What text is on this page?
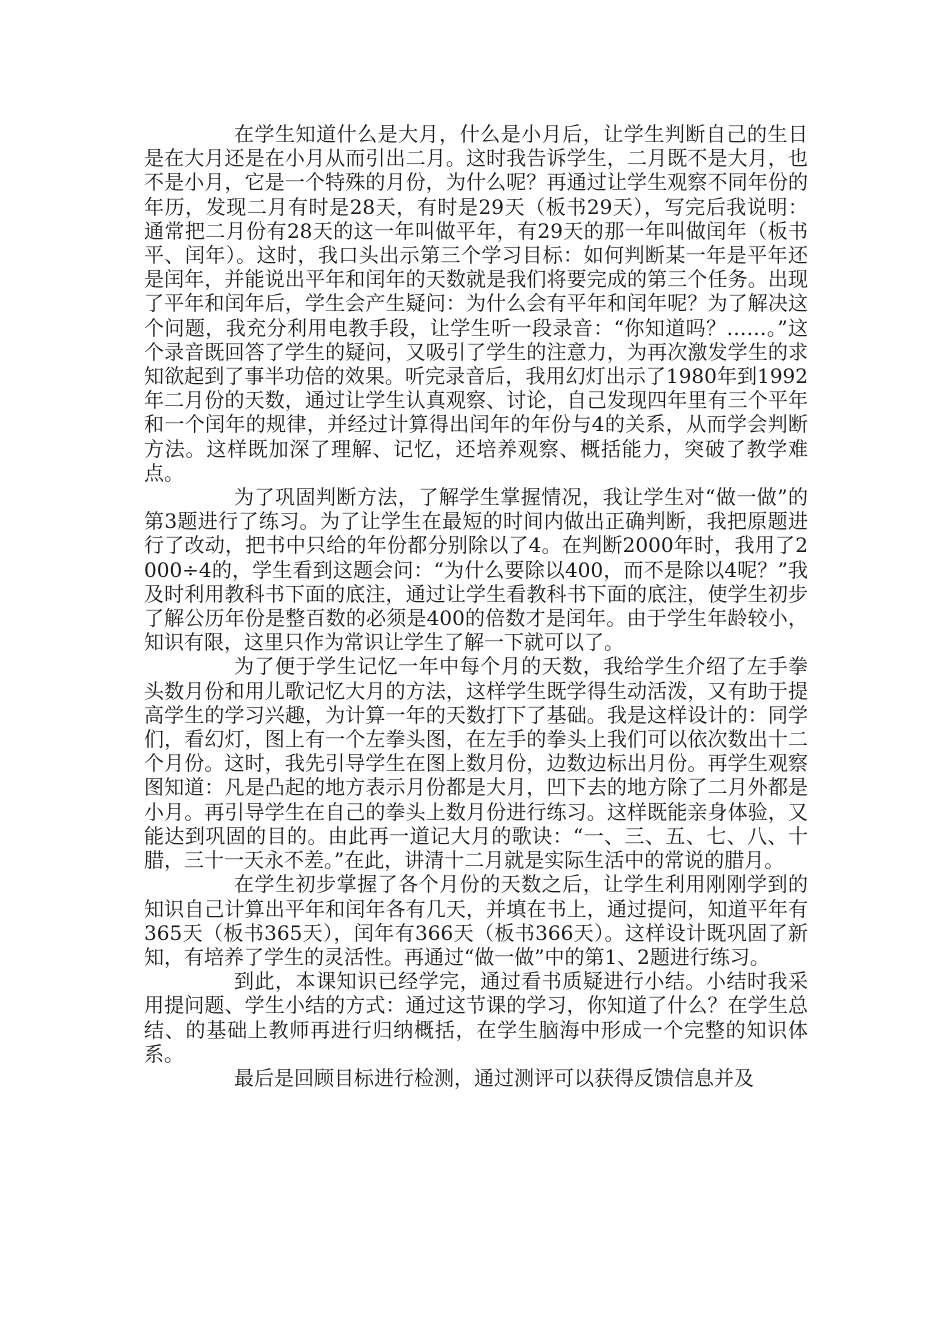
在学生知道什么是大月，什么是小月后，让学生判断自己的生日是在大月还是在小月从而引出二月。这时我告诉学生，二月既不是大月，也不是小月，它是一个特殊的月份，为什么呢？再通过让学生观察不同年份的年历，发现二月有时是28天，有时是29天（板书29天），写完后我说明：通常把二月份有28天的这一年叫做平年，有29天的那一年叫做闰年（板书平、闰年）。这时，我口头出示第三个学习目标：如何判断某一年是平年还是闰年，并能说出平年和闰年的天数就是我们将要完成的第三个任务。出现了平年和闰年后，学生会产生疑问：为什么会有平年和闰年呢？为了解决这个问题，我充分利用电教手段，让学生听一段录音：“你知道吗？……。”这个录音既回答了学生的疑问，又吸引了学生的注意力，为再次激发学生的求知欲起到了事半功倍的效果。听完录音后，我用幻灯出示了1980年到1992年二月份的天数，通过让学生认真观察、讨论，自己发现四年里有三个平年和一个闰年的规律，并经过计算得出闰年的年份与4的关系，从而学会判断方法。这样既加深了理解、记忆，还培养观察、概括能力，突破了教学难点。

为了巩固判断方法，了解学生掌握情况，我让学生对“做一做”的第3题进行了练习。为了让学生在最短的时间内做出正确判断，我把原题进行了改动，把书中只给的年份都分别除以了4。在判断2000年时，我用了2000÷4的，学生看到这题会问：“为什么要除以400，而不是除以4呢？”我及时利用教科书下面的底注，通过让学生看教科书下面的底注，使学生初步了解公历年份是整百数的必须是400的倍数才是闰年。由于学生年龄较小，知识有限，这里只作为常识让学生了解一下就可以了。

为了便于学生记忆一年中每个月的天数，我给学生介绍了左手拳头数月份和用儿歌记忆大月的方法，这样学生既学得生动活泼，又有助于提高学生的学习兴趣，为计算一年的天数打下了基础。我是这样设计的：同学们，看幻灯，图上有一个左拳头图，在左手的拳头上我们可以依次数出十二个月份。这时，我先引导学生在图上数月份，边数边标出月份。再学生观察图知道：凡是凸起的地方表示月份都是大月，凹下去的地方除了二月外都是小月。再引导学生在自己的拳头上数月份进行练习。这样既能亲身体验，又能达到巩固的目的。由此再一道记大月的歌诀：“一、三、五、七、八、十腊，三十一天永不差。”在此，讲清十二月就是实际生活中的常说的腊月。

在学生初步掌握了各个月份的天数之后，让学生利用刚刚学到的知识自己计算出平年和闰年各有几天，并填在书上，通过提问，知道平年有365天（板书365天），闰年有366天（板书366天）。这样设计既巩固了新知，有培养了学生的灵活性。再通过“做一做”中的第1、2题进行练习。

到此，本课知识已经学完，通过看书质疑进行小结。小结时我采用提问题、学生小结的方式：通过这节课的学习，你知道了什么？在学生总结、的基础上教师再进行归纳概括，在学生脑海中形成一个完整的知识体系。

最后是回顾目标进行检测，通过测评可以获得反馈信息并及
